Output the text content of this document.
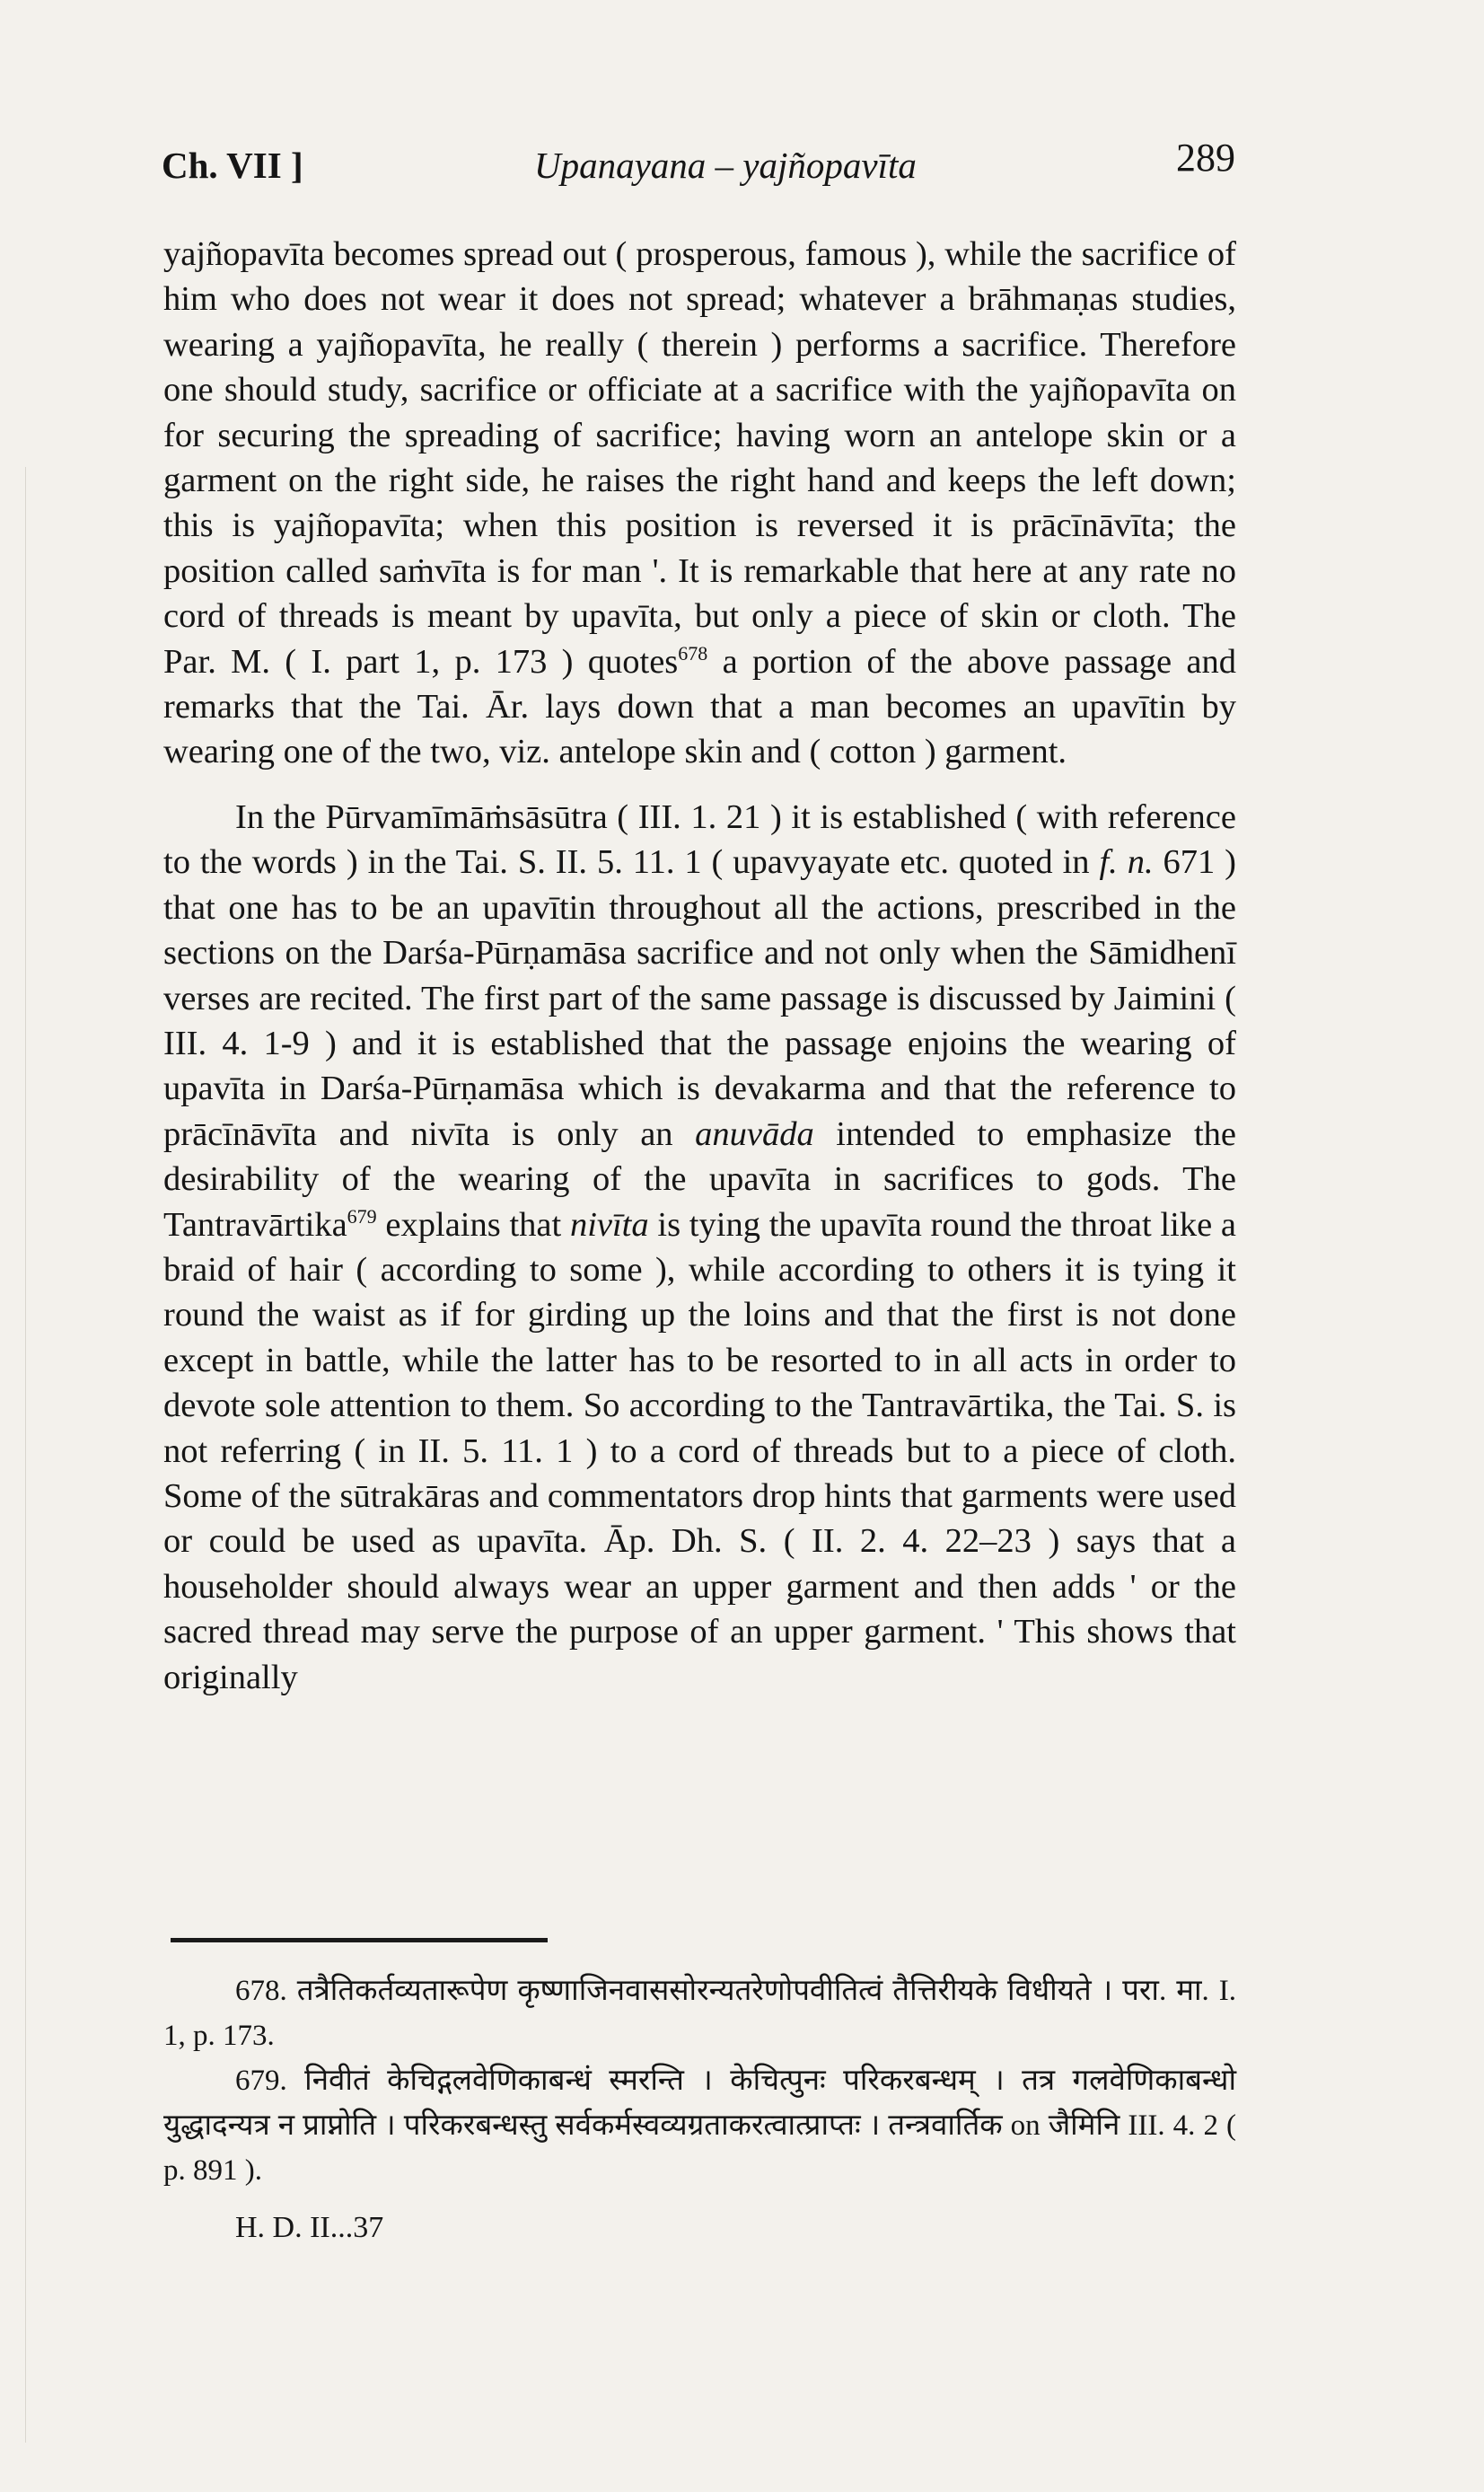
Ch. VII ]	Upanayana – yajñopavīta	289

yajñopavīta becomes spread out ( prosperous, famous ), while the sacrifice of him who does not wear it does not spread; whatever a brāhmaṇas studies, wearing a yajñopavīta, he really ( therein ) performs a sacrifice. Therefore one should study, sacrifice or officiate at a sacrifice with the yajñopavīta on for securing the spreading of sacrifice; having worn an antelope skin or a garment on the right side, he raises the right hand and keeps the left down; this is yajñopavīta; when this position is reversed it is prācīnāvīta; the position called saṁvīta is for man '. It is remarkable that here at any rate no cord of threads is meant by upavīta, but only a piece of skin or cloth. The Par. M. ( I. part 1, p. 173 ) quotes$^{678}$ a portion of the above passage and remarks that the Tai. Ār. lays down that a man becomes an upavītin by wearing one of the two, viz. antelope skin and ( cotton ) garment.

In the Pūrvamīmāṁsāsūtra ( III. 1. 21 ) it is established ( with reference to the words ) in the Tai. S. II. 5. 11. 1 ( upavyayate etc. quoted in f. n. 671 ) that one has to be an upavītin throughout all the actions, prescribed in the sections on the Darśa-Pūrṇamāsa sacrifice and not only when the Sāmidhenī verses are recited. The first part of the same passage is discussed by Jaimini ( III. 4. 1-9 ) and it is established that the passage enjoins the wearing of upavīta in Darśa-Pūrṇamāsa which is devakarma and that the reference to prācīnāvīta and nivīta is only an anuvāda intended to emphasize the desirability of the wearing of the upavīta in sacrifices to gods. The Tantravārtika$^{679}$ explains that nivīta is tying the upavīta round the throat like a braid of hair ( according to some ), while according to others it is tying it round the waist as if for girding up the loins and that the first is not done except in battle, while the latter has to be resorted to in all acts in order to devote sole attention to them. So according to the Tantravārtika, the Tai. S. is not referring ( in II. 5. 11. 1 ) to a cord of threads but to a piece of cloth. Some of the sūtrakāras and commentators drop hints that garments were used or could be used as upavīta. Āp. Dh. S. ( II. 2. 4. 22–23 ) says that a householder should always wear an upper garment and then adds ' or the sacred thread may serve the purpose of an upper garment. ' This shows that originally

678. तत्रैतिकर्तव्यतारूपेण कृष्णाजिनवाससोरन्यतरेणोपवीतित्वं तैत्तिरीयके विधीयते । परा. मा. I. 1, p. 173.

679. निवीतं केचिद्गलवेणिकाबन्धं स्मरन्ति । केचित्पुनः परिकरबन्धम् । तत्र गलवेणिकाबन्धो युद्धादन्यत्र न प्राप्नोति । परिकरबन्धस्तु सर्वकर्मस्वव्यग्रताकरत्वात्प्राप्तः । तन्त्रवार्तिक on जैमिनि III. 4. 2 ( p. 891 ).

H. D. II...37
